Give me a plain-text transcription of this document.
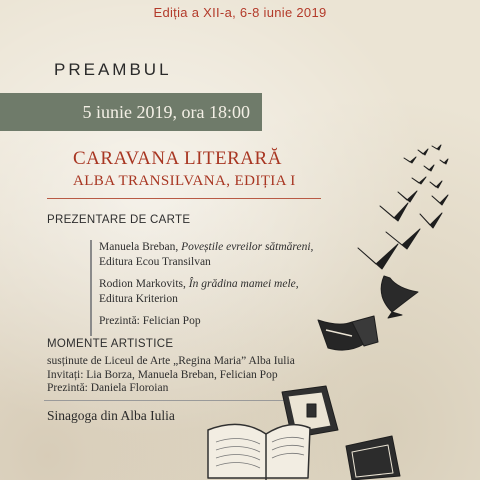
Ediția a XII-a, 6-8 iunie 2019
PREAMBUL
5 iunie 2019, ora 18:00
CARAVANA LITERARĂ
ALBA TRANSILVANA, EDIȚIA I
PREZENTARE DE CARTE
Manuela Breban, Poveștile evreilor sătmăreni,
Editura Ecou Transilvan
Rodion Markovits, În grădina mamei mele,
Editura Kriterion
Prezintă: Felician Pop
MOMENTE ARTISTICE
susținute de Liceul de Arte „Regina Maria” Alba Iulia
Invitați: Lia Borza, Manuela Breban, Felician Pop
Prezintă: Daniela Floroian
Sinagoga din Alba Iulia
